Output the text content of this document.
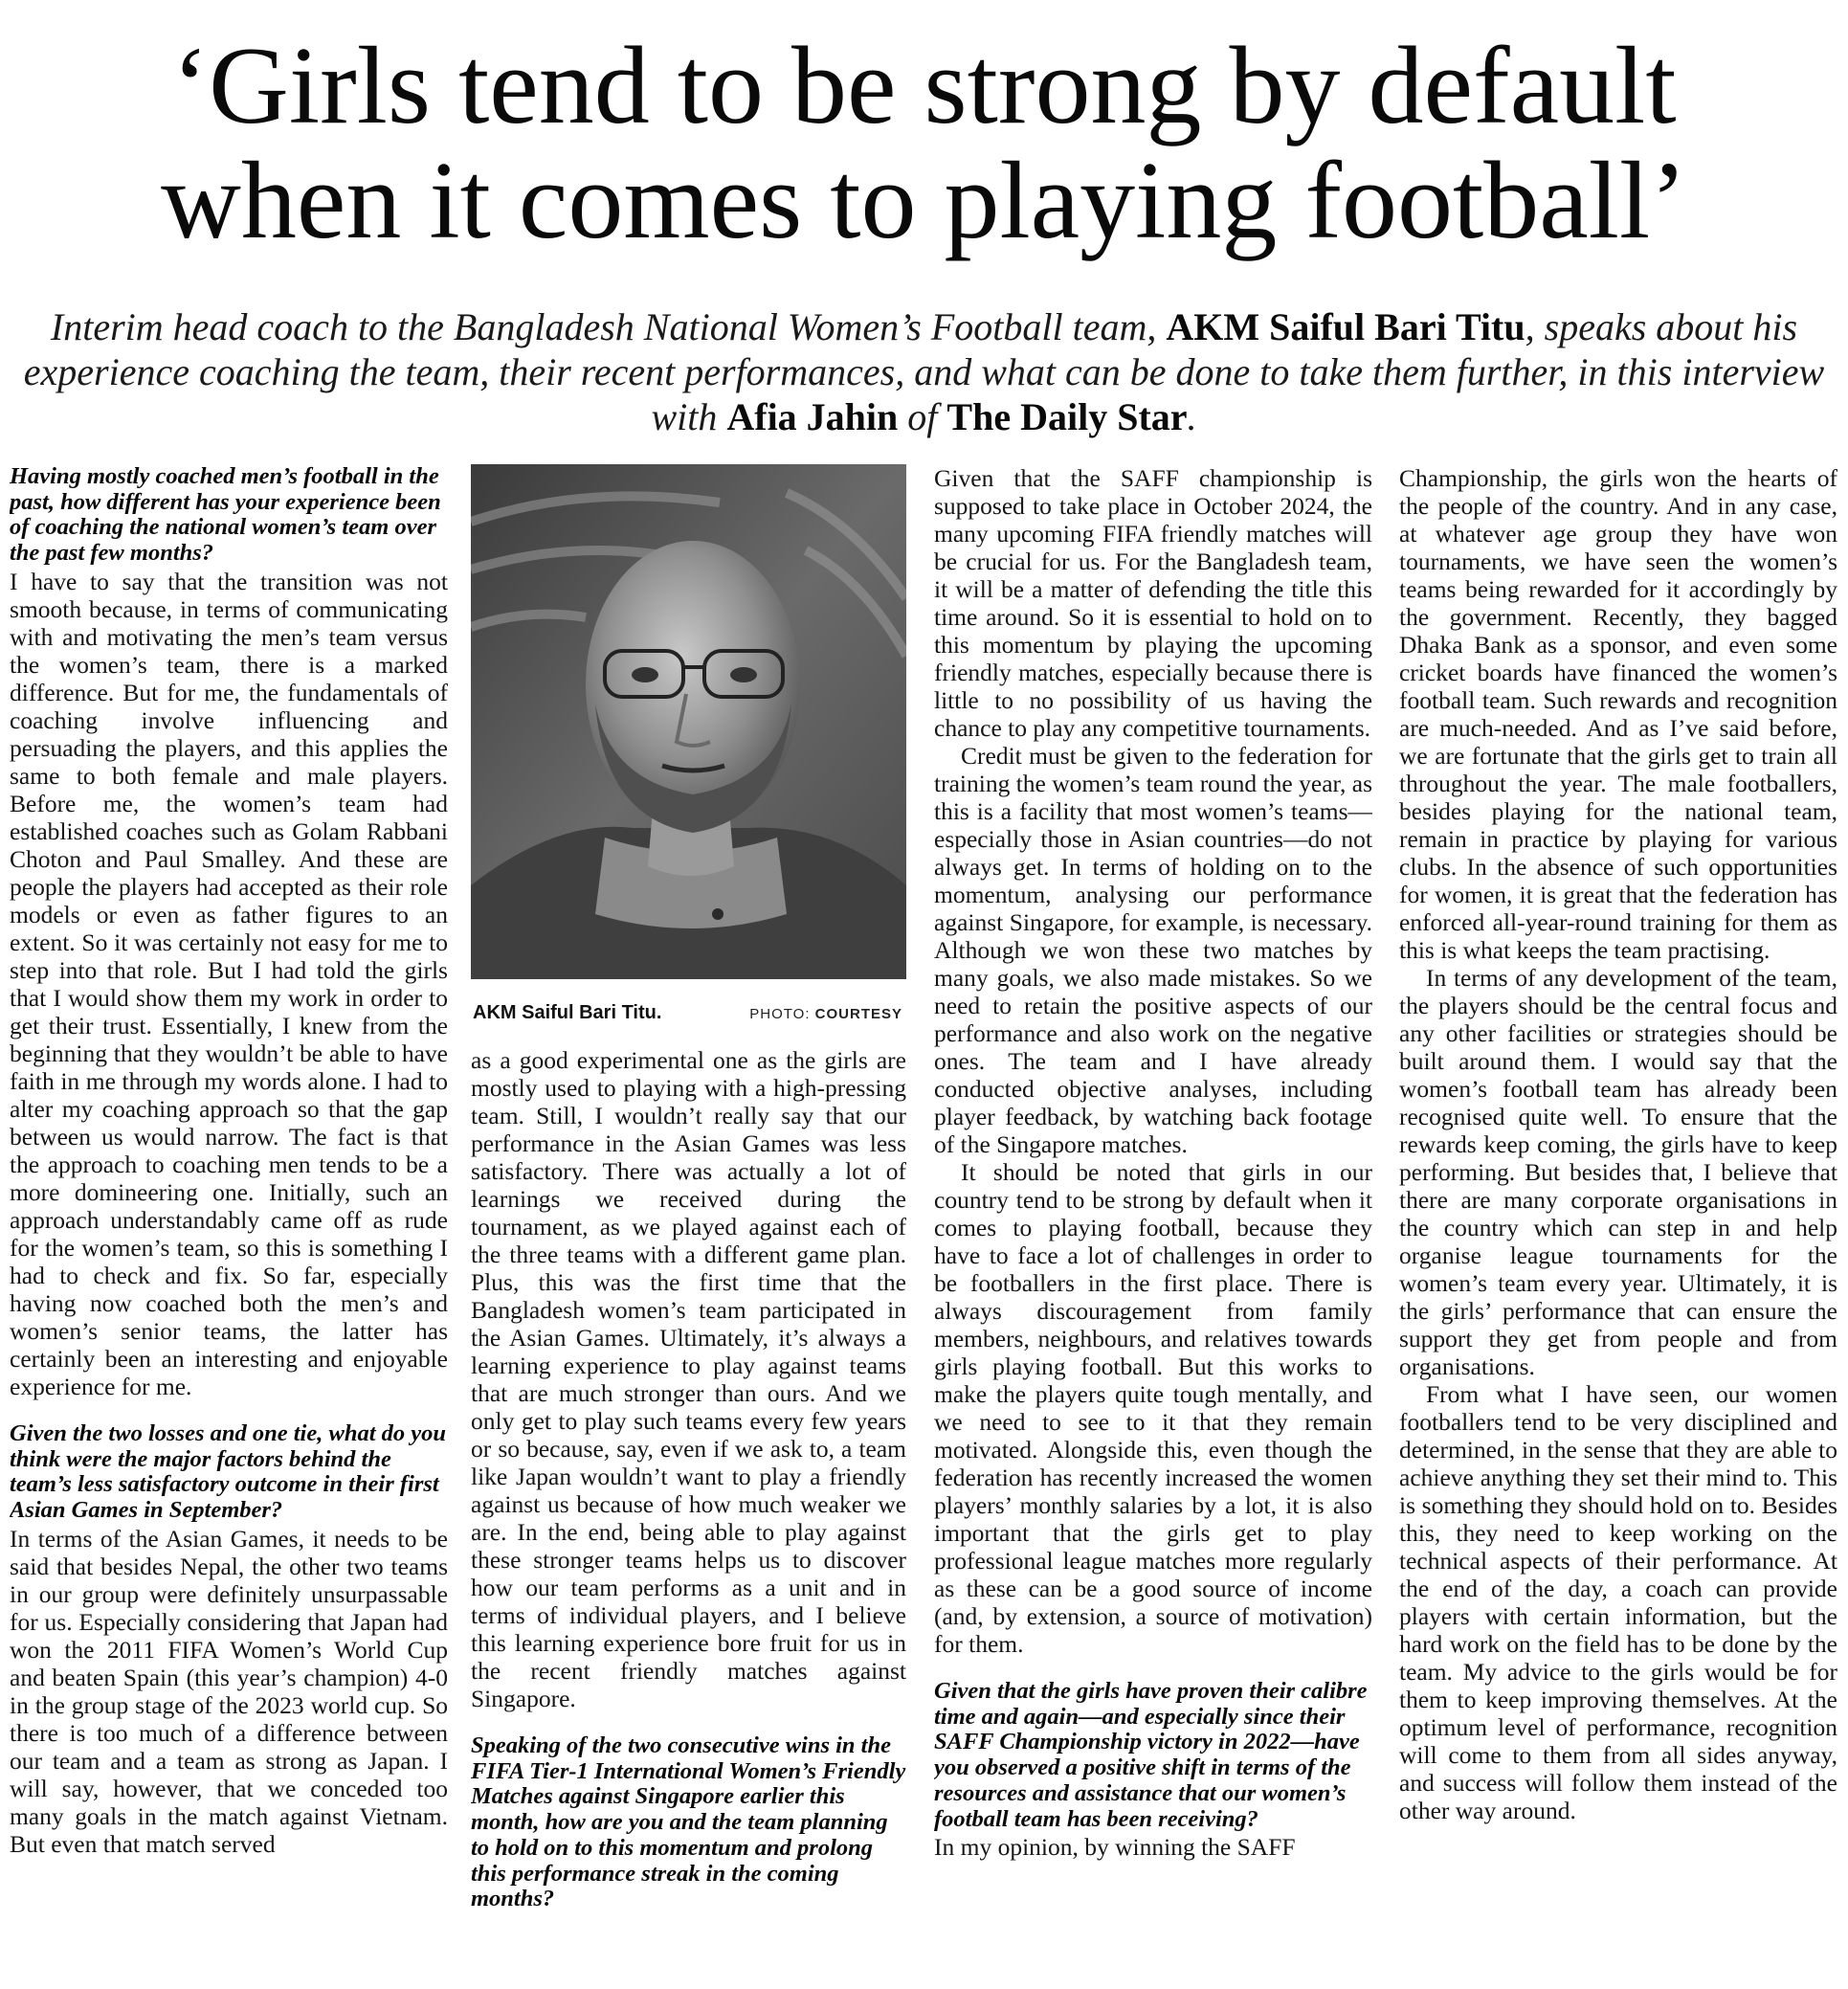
‘Girls tend to be strong by default
when it comes to playing football’
Interim head coach to the Bangladesh National Women’s Football team, AKM Saiful Bari Titu, speaks about his experience coaching the team, their recent performances, and what can be done to take them further, in this interview with Afia Jahin of The Daily Star.

Having mostly coached men’s football in the past, how different has your experience been of coaching the national women’s team over the past few months?

I have to say that the transition was not smooth because, in terms of communicating with and motivating the men’s team versus the women’s team, there is a marked difference. But for me, the fundamentals of coaching involve influencing and persuading the players, and this applies the same to both female and male players. Before me, the women’s team had established coaches such as Golam Rabbani Choton and Paul Smalley. And these are people the players had accepted as their role models or even as father figures to an extent. So it was certainly not easy for me to step into that role. But I had told the girls that I would show them my work in order to get their trust. Essentially, I knew from the beginning that they wouldn’t be able to have faith in me through my words alone. I had to alter my coaching approach so that the gap between us would narrow. The fact is that the approach to coaching men tends to be a more domineering one. Initially, such an approach understandably came off as rude for the women’s team, so this is something I had to check and fix. So far, especially having now coached both the men’s and women’s senior teams, the latter has certainly been an interesting and enjoyable experience for me.

Given the two losses and one tie, what do you think were the major factors behind the team’s less satisfactory outcome in their first Asian Games in September?

In terms of the Asian Games, it needs to be said that besides Nepal, the other two teams in our group were definitely unsurpassable for us. Especially considering that Japan had won the 2011 FIFA Women’s World Cup and beaten Spain (this year’s champion) 4-0 in the group stage of the 2023 world cup. So there is too much of a difference between our team and a team as strong as Japan. I will say, however, that we conceded too many goals in the match against Vietnam. But even that match served

AKM Saiful Bari Titu.	PHOTO: COURTESY

as a good experimental one as the girls are mostly used to playing with a high-pressing team. Still, I wouldn’t really say that our performance in the Asian Games was less satisfactory. There was actually a lot of learnings we received during the tournament, as we played against each of the three teams with a different game plan. Plus, this was the first time that the Bangladesh women’s team participated in the Asian Games. Ultimately, it’s always a learning experience to play against teams that are much stronger than ours. And we only get to play such teams every few years or so because, say, even if we ask to, a team like Japan wouldn’t want to play a friendly against us because of how much weaker we are. In the end, being able to play against these stronger teams helps us to discover how our team performs as a unit and in terms of individual players, and I believe this learning experience bore fruit for us in the recent friendly matches against Singapore.

Speaking of the two consecutive wins in the FIFA Tier-1 International Women’s Friendly Matches against Singapore earlier this month, how are you and the team planning to hold on to this momentum and prolong this performance streak in the coming months?

Given that the SAFF championship is supposed to take place in October 2024, the many upcoming FIFA friendly matches will be crucial for us. For the Bangladesh team, it will be a matter of defending the title this time around. So it is essential to hold on to this momentum by playing the upcoming friendly matches, especially because there is little to no possibility of us having the chance to play any competitive tournaments.

Credit must be given to the federation for training the women’s team round the year, as this is a facility that most women’s teams—especially those in Asian countries—do not always get. In terms of holding on to the momentum, analysing our performance against Singapore, for example, is necessary. Although we won these two matches by many goals, we also made mistakes. So we need to retain the positive aspects of our performance and also work on the negative ones. The team and I have already conducted objective analyses, including player feedback, by watching back footage of the Singapore matches.

It should be noted that girls in our country tend to be strong by default when it comes to playing football, because they have to face a lot of challenges in order to be footballers in the first place. There is always discouragement from family members, neighbours, and relatives towards girls playing football. But this works to make the players quite tough mentally, and we need to see to it that they remain motivated. Alongside this, even though the federation has recently increased the women players’ monthly salaries by a lot, it is also important that the girls get to play professional league matches more regularly as these can be a good source of income (and, by extension, a source of motivation) for them.

Given that the girls have proven their calibre time and again—and especially since their SAFF Championship victory in 2022—have you observed a positive shift in terms of the resources and assistance that our women’s football team has been receiving?

In my opinion, by winning the SAFF

Championship, the girls won the hearts of the people of the country. And in any case, at whatever age group they have won tournaments, we have seen the women’s teams being rewarded for it accordingly by the government. Recently, they bagged Dhaka Bank as a sponsor, and even some cricket boards have financed the women’s football team. Such rewards and recognition are much-needed. And as I’ve said before, we are fortunate that the girls get to train all throughout the year. The male footballers, besides playing for the national team, remain in practice by playing for various clubs. In the absence of such opportunities for women, it is great that the federation has enforced all-year-round training for them as this is what keeps the team practising.

In terms of any development of the team, the players should be the central focus and any other facilities or strategies should be built around them. I would say that the women’s football team has already been recognised quite well. To ensure that the rewards keep coming, the girls have to keep performing. But besides that, I believe that there are many corporate organisations in the country which can step in and help organise league tournaments for the women’s team every year. Ultimately, it is the girls’ performance that can ensure the support they get from people and from organisations.

From what I have seen, our women footballers tend to be very disciplined and determined, in the sense that they are able to achieve anything they set their mind to. This is something they should hold on to. Besides this, they need to keep working on the technical aspects of their performance. At the end of the day, a coach can provide players with certain information, but the hard work on the field has to be done by the team. My advice to the girls would be for them to keep improving themselves. At the optimum level of performance, recognition will come to them from all sides anyway, and success will follow them instead of the other way around.
